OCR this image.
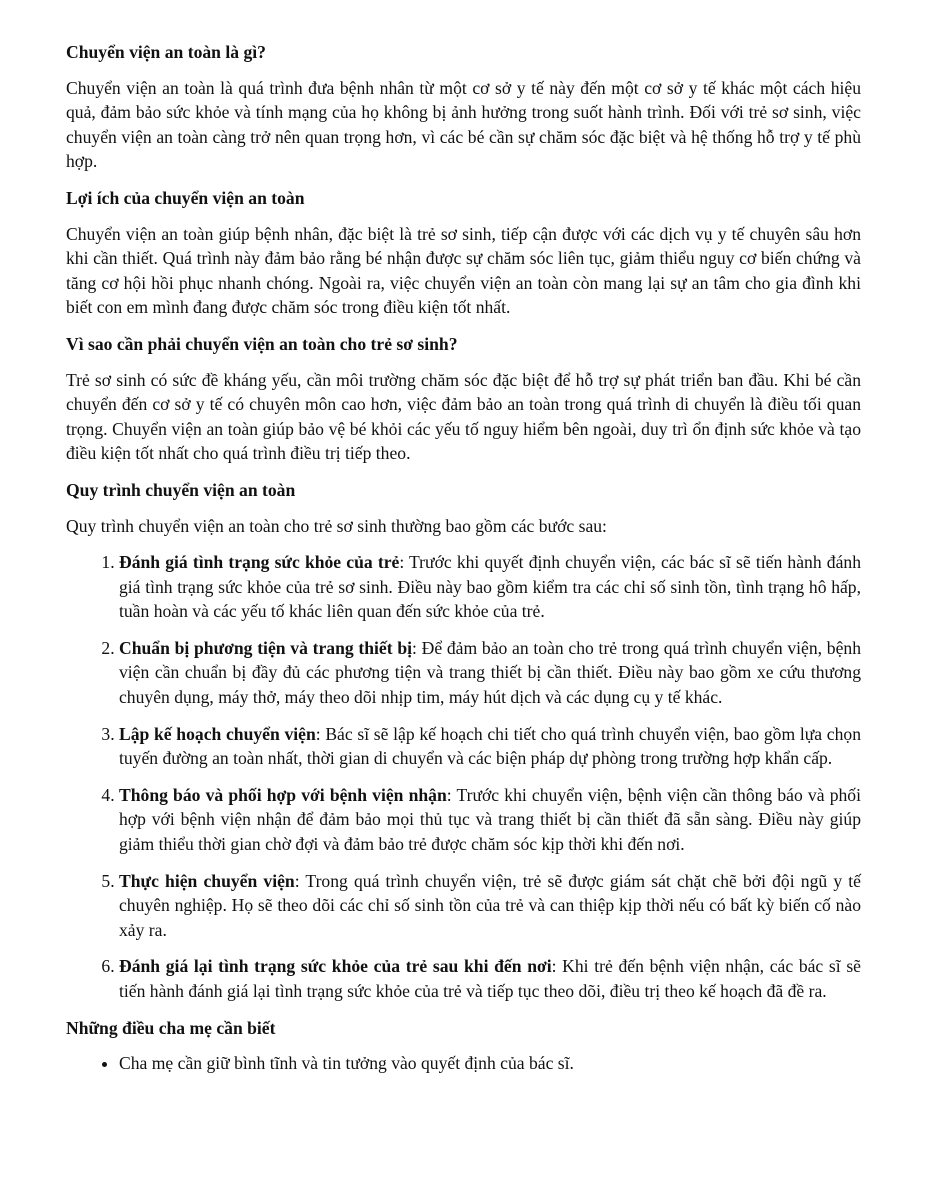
Chuyển viện an toàn là gì?

Chuyển viện an toàn là quá trình đưa bệnh nhân từ một cơ sở y tế này đến một cơ sở y tế khác một cách hiệu quả, đảm bảo sức khỏe và tính mạng của họ không bị ảnh hưởng trong suốt hành trình. Đối với trẻ sơ sinh, việc chuyển viện an toàn càng trở nên quan trọng hơn, vì các bé cần sự chăm sóc đặc biệt và hệ thống hỗ trợ y tế phù hợp.

Lợi ích của chuyển viện an toàn

Chuyển viện an toàn giúp bệnh nhân, đặc biệt là trẻ sơ sinh, tiếp cận được với các dịch vụ y tế chuyên sâu hơn khi cần thiết. Quá trình này đảm bảo rằng bé nhận được sự chăm sóc liên tục, giảm thiểu nguy cơ biến chứng và tăng cơ hội hồi phục nhanh chóng. Ngoài ra, việc chuyển viện an toàn còn mang lại sự an tâm cho gia đình khi biết con em mình đang được chăm sóc trong điều kiện tốt nhất.

Vì sao cần phải chuyển viện an toàn cho trẻ sơ sinh?

Trẻ sơ sinh có sức đề kháng yếu, cần môi trường chăm sóc đặc biệt để hỗ trợ sự phát triển ban đầu. Khi bé cần chuyển đến cơ sở y tế có chuyên môn cao hơn, việc đảm bảo an toàn trong quá trình di chuyển là điều tối quan trọng. Chuyển viện an toàn giúp bảo vệ bé khỏi các yếu tố nguy hiểm bên ngoài, duy trì ổn định sức khỏe và tạo điều kiện tốt nhất cho quá trình điều trị tiếp theo.

Quy trình chuyển viện an toàn

Quy trình chuyển viện an toàn cho trẻ sơ sinh thường bao gồm các bước sau:

1. Đánh giá tình trạng sức khỏe của trẻ: Trước khi quyết định chuyển viện, các bác sĩ sẽ tiến hành đánh giá tình trạng sức khỏe của trẻ sơ sinh. Điều này bao gồm kiểm tra các chỉ số sinh tồn, tình trạng hô hấp, tuần hoàn và các yếu tố khác liên quan đến sức khỏe của trẻ.
2. Chuẩn bị phương tiện và trang thiết bị: Để đảm bảo an toàn cho trẻ trong quá trình chuyển viện, bệnh viện cần chuẩn bị đầy đủ các phương tiện và trang thiết bị cần thiết. Điều này bao gồm xe cứu thương chuyên dụng, máy thở, máy theo dõi nhịp tim, máy hút dịch và các dụng cụ y tế khác.
3. Lập kế hoạch chuyển viện: Bác sĩ sẽ lập kế hoạch chi tiết cho quá trình chuyển viện, bao gồm lựa chọn tuyến đường an toàn nhất, thời gian di chuyển và các biện pháp dự phòng trong trường hợp khẩn cấp.
4. Thông báo và phối hợp với bệnh viện nhận: Trước khi chuyển viện, bệnh viện cần thông báo và phối hợp với bệnh viện nhận để đảm bảo mọi thủ tục và trang thiết bị cần thiết đã sẵn sàng. Điều này giúp giảm thiểu thời gian chờ đợi và đảm bảo trẻ được chăm sóc kịp thời khi đến nơi.
5. Thực hiện chuyển viện: Trong quá trình chuyển viện, trẻ sẽ được giám sát chặt chẽ bởi đội ngũ y tế chuyên nghiệp. Họ sẽ theo dõi các chỉ số sinh tồn của trẻ và can thiệp kịp thời nếu có bất kỳ biến cố nào xảy ra.
6. Đánh giá lại tình trạng sức khỏe của trẻ sau khi đến nơi: Khi trẻ đến bệnh viện nhận, các bác sĩ sẽ tiến hành đánh giá lại tình trạng sức khỏe của trẻ và tiếp tục theo dõi, điều trị theo kế hoạch đã đề ra.
Những điều cha mẹ cần biết
• Cha mẹ cần giữ bình tĩnh và tin tưởng vào quyết định của bác sĩ.
